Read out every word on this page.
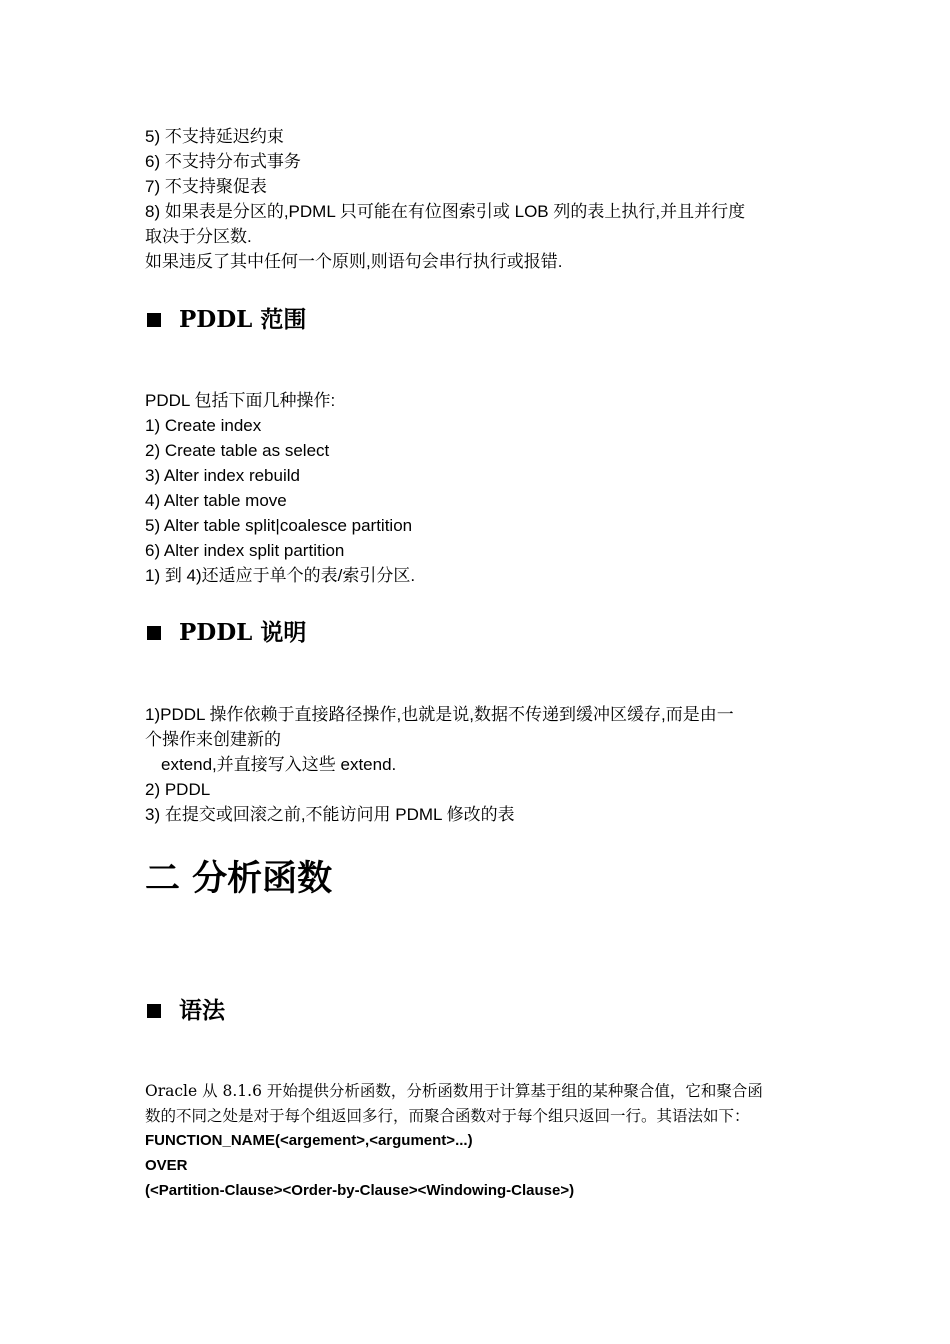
5) 不支持延迟约束
6) 不支持分布式事务
7) 不支持聚促表
8) 如果表是分区的,PDML 只可能在有位图索引或 LOB 列的表上执行,并且并行度
取决于分区数.
如果违反了其中任何一个原则,则语句会串行执行或报错.
PDDL 范围
PDDL 包括下面几种操作:
1) Create index
2) Create table as select
3) Alter index rebuild
4) Alter table move
5) Alter table split|coalesce partition
6) Alter index split partition
1) 到 4)还适应于单个的表/索引分区.
PDDL 说明
1)PDDL 操作依赖于直接路径操作,也就是说,数据不传递到缓冲区缓存,而是由一
个操作来创建新的
extend,并直接写入这些 extend.
2) PDDL
3) 在提交或回滚之前,不能访问用 PDML 修改的表
二 分析函数
语法
Oracle 从 8.1.6 开始提供分析函数，分析函数用于计算基于组的某种聚合值，它和聚合函
数的不同之处是对于每个组返回多行，而聚合函数对于每个组只返回一行。其语法如下：
FUNCTION_NAME(<argement>,<argument>...)
OVER
(<Partition-Clause><Order-by-Clause><Windowing-Clause>)
